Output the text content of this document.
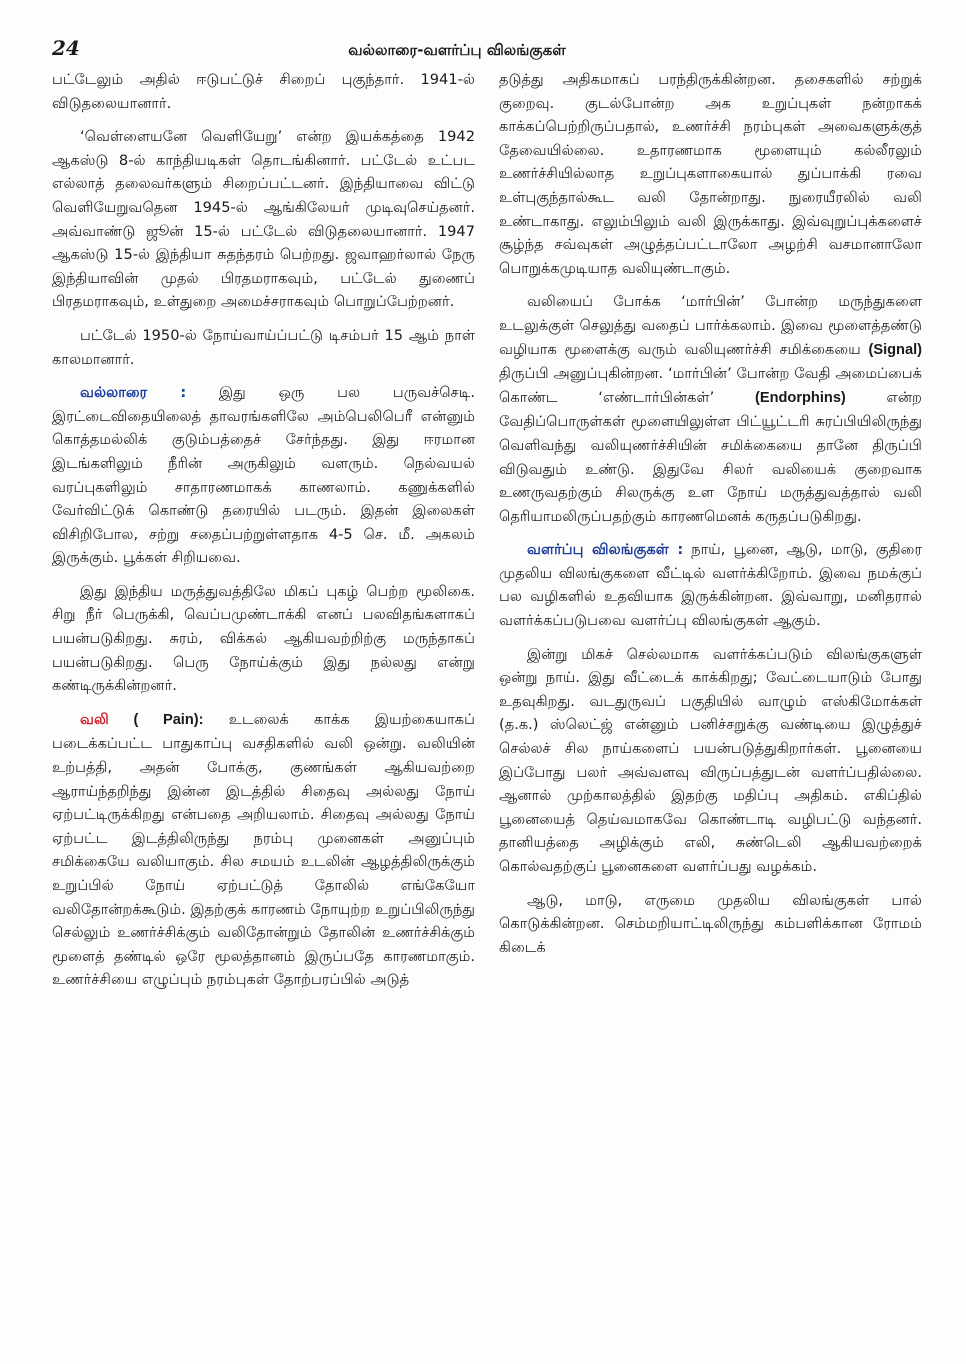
24	வல்லாரை-வளர்ப்பு விலங்குகள்

பட்டேலும் அதில் ஈடுபட்டுச் சிறைப் புகுந்தார். 1941-ல் விடுதலையானார்.

‘வெள்ளையனே வெளியேறு’ என்ற இயக்கத்தை 1942 ஆகஸ்டு 8-ல் காந்தியடிகள் தொடங்கினார். பட்டேல் உட்பட எல்லாத் தலைவர்களும் சிறைப்பட்டனர். இந்தியாவை விட்டு வெளியேறுவதென 1945-ல் ஆங்கிலேயர் முடிவுசெய்தனர். அவ்வாண்டு ஜூன் 15-ல் பட்டேல் விடுதலையானார். 1947 ஆகஸ்டு 15-ல் இந்தியா சுதந்தரம் பெற்றது. ஜவாஹர்லால் நேரு இந்தியாவின் முதல் பிரதமராகவும், பட்டேல் துணைப் பிரதமராகவும், உள்துறை அமைச்சராகவும் பொறுப்பேற்றனர்.

பட்டேல் 1950-ல் நோய்வாய்ப்பட்டு டிசம்பர் 15 ஆம் நாள் காலமானார்.

வல்லாரை : இது ஒரு பல பருவச்செடி. இரட்டைவிதையிலைத் தாவரங்களிலே அம்பெலிபெரீ என்னும் கொத்தமல்லிக் குடும்பத்தைச் சேர்ந்தது. இது ஈரமான இடங்களிலும் நீரின் அருகிலும் வளரும். நெல்வயல் வரப்புகளிலும் சாதாரணமாகக் காணலாம். கணுக்களில் வேர்விட்டுக் கொண்டு தரையில் படரும். இதன் இலைகள் விசிறிபோல, சற்று சதைப்பற்றுள்ளதாக 4-5 செ. மீ. அகலம் இருக்கும். பூக்கள் சிறியவை.

இது இந்திய மருத்துவத்திலே மிகப் புகழ் பெற்ற மூலிகை. சிறு நீர் பெருக்கி, வெப்பமுண்டாக்கி எனப் பலவிதங்களாகப் பயன்படுகிறது. சுரம், விக்கல் ஆகியவற்றிற்கு மருந்தாகப் பயன்படுகிறது. பெரு நோய்க்கும் இது நல்லது என்று கண்டிருக்கின்றனர்.

வலி ( Pain): உடலைக் காக்க இயற்கையாகப் படைக்கப்பட்ட பாதுகாப்பு வசதிகளில் வலி ஒன்று. வலியின் உற்பத்தி, அதன் போக்கு, குணங்கள் ஆகியவற்றை ஆராய்ந்தறிந்து இன்ன இடத்தில் சிதைவு அல்லது நோய் ஏற்பட்டிருக்கிறது என்பதை அறியலாம். சிதைவு அல்லது நோய் ஏற்பட்ட இடத்திலிருந்து நரம்பு முனைகள் அனுப்பும் சமிக்கையே வலியாகும். சில சமயம் உடலின் ஆழத்திலிருக்கும் உறுப்பில் நோய் ஏற்பட்டுத் தோலில் எங்கேயோ வலிதோன்றக்கூடும். இதற்குக் காரணம் நோயுற்ற உறுப்பிலிருந்து செல்லும் உணர்ச்சிக்கும் வலிதோன்றும் தோலின் உணர்ச்சிக்கும் மூளைத் தண்டில் ஒரே மூலத்தானம் இருப்பதே காரணமாகும். உணர்ச்சியை எழுப்பும் நரம்புகள் தோற்பரப்பில் அடுத்

தடுத்து அதிகமாகப் பரந்திருக்கின்றன. தசைகளில் சற்றுக் குறைவு. குடல்போன்ற அக உறுப்புகள் நன்றாகக் காக்கப்பெற்றிருப்பதால், உணர்ச்சி நரம்புகள் அவைகளுக்குத் தேவையில்லை. உதாரணமாக மூளையும் கல்லீரலும் உணர்ச்சியில்லாத உறுப்புகளாகையால் துப்பாக்கி ரவை உள்புகுந்தால்கூட வலி தோன்றாது. நுரையீரலில் வலி உண்டாகாது. எலும்பிலும் வலி இருக்காது. இவ்வுறுப்புக்களைச் சூழ்ந்த சவ்வுகள் அழுத்தப்பட்டாலோ அழற்சி வசமானாலோ பொறுக்கமுடியாத வலியுண்டாகும்.

வலியைப் போக்க ‘மார்பின்’ போன்ற மருந்துகளை உடலுக்குள் செலுத்து வதைப் பார்க்கலாம். இவை மூளைத்தண்டு வழியாக மூளைக்கு வரும் வலியுணர்ச்சி சமிக்கையை (Signal) திருப்பி அனுப்புகின்றன. ‘மார்பின்’ போன்ற வேதி அமைப்பைக் கொண்ட ‘எண்டார்பின்கள்’ (Endorphins) என்ற வேதிப்பொருள்கள் மூளையிலுள்ள பிட்யூட்டரி சுரப்பியிலிருந்து வெளிவந்து வலியுணர்ச்சியின் சமிக்கையை தானே திருப்பி விடுவதும் உண்டு. இதுவே சிலர் வலியைக் குறைவாக உணருவதற்கும் சிலருக்கு உள நோய் மருத்துவத்தால் வலி தெரியாமலிருப்பதற்கும் காரணமெனக் கருதப்படுகிறது.

வளர்ப்பு விலங்குகள் : நாய், பூனை, ஆடு, மாடு, குதிரை முதலிய விலங்குகளை வீட்டில் வளர்க்கிறோம். இவை நமக்குப் பல வழிகளில் உதவியாக இருக்கின்றன. இவ்வாறு, மனிதரால் வளர்க்கப்படுபவை வளர்ப்பு விலங்குகள் ஆகும்.

இன்று மிகச் செல்லமாக வளர்க்கப்படும் விலங்குகளுள் ஒன்று நாய். இது வீட்டைக் காக்கிறது; வேட்டையாடும் போது உதவுகிறது. வடதுருவப் பகுதியில் வாழும் எஸ்கிமோக்கள் (த.க.) ஸ்லெட்ஜ் என்னும் பனிச்சறுக்கு வண்டியை இழுத்துச் செல்லச் சில நாய்களைப் பயன்படுத்துகிறார்கள். பூனையை இப்போது பலர் அவ்வளவு விருப்பத்துடன் வளர்ப்பதில்லை. ஆனால் முற்காலத்தில் இதற்கு மதிப்பு அதிகம். எகிப்தில் பூனையைத் தெய்வமாகவே கொண்டாடி வழிபட்டு வந்தனர். தானியத்தை அழிக்கும் எலி, சுண்டெலி ஆகியவற்றைக் கொல்வதற்குப் பூனைகளை வளர்ப்பது வழக்கம்.

ஆடு, மாடு, எருமை முதலிய விலங்குகள் பால் கொடுக்கின்றன. செம்மறியாட்டிலிருந்து கம்பளிக்கான ரோமம் கிடைக்
